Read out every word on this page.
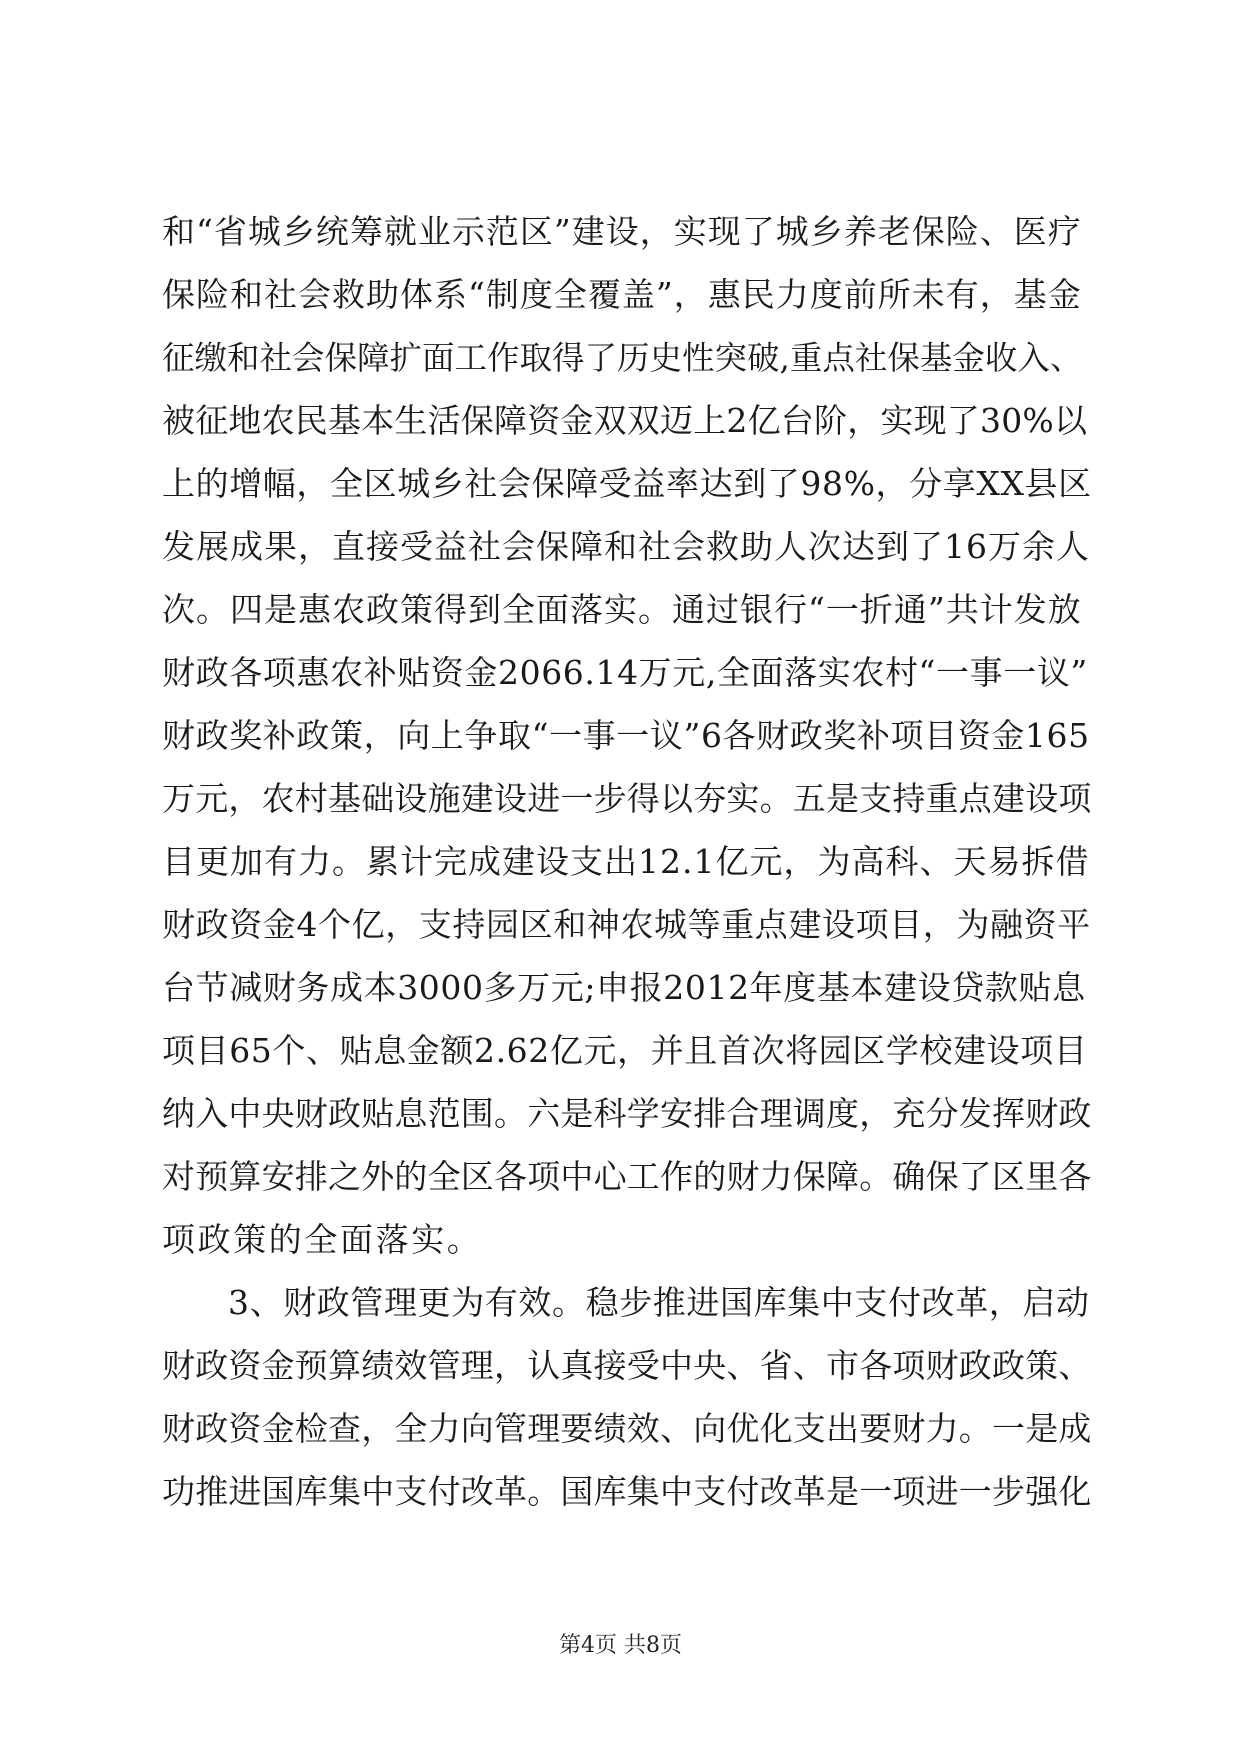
和“省城乡统筹就业示范区”建设，实现了城乡养老保险、医疗
保险和社会救助体系“制度全覆盖”，惠民力度前所未有，基金
征缴和社会保障扩面工作取得了历史性突破,重点社保基金收入、
被征地农民基本生活保障资金双双迈上2亿台阶，实现了30%以
上的增幅，全区城乡社会保障受益率达到了98%，分享XX县区
发展成果，直接受益社会保障和社会救助人次达到了16万余人
次。四是惠农政策得到全面落实。通过银行“一折通”共计发放
财政各项惠农补贴资金2066.14万元,全面落实农村“一事一议”
财政奖补政策，向上争取“一事一议”6各财政奖补项目资金165
万元，农村基础设施建设进一步得以夯实。五是支持重点建设项
目更加有力。累计完成建设支出12.1亿元，为高科、天易拆借
财政资金4个亿，支持园区和神农城等重点建设项目，为融资平
台节减财务成本3000多万元;申报2012年度基本建设贷款贴息
项目65个、贴息金额2.62亿元，并且首次将园区学校建设项目
纳入中央财政贴息范围。六是科学安排合理调度，充分发挥财政
对预算安排之外的全区各项中心工作的财力保障。确保了区里各
项政策的全面落实。
3、财政管理更为有效。稳步推进国库集中支付改革，启动
财政资金预算绩效管理，认真接受中央、省、市各项财政政策、
财政资金检查，全力向管理要绩效、向优化支出要财力。一是成
功推进国库集中支付改革。国库集中支付改革是一项进一步强化
第4页 共8页
